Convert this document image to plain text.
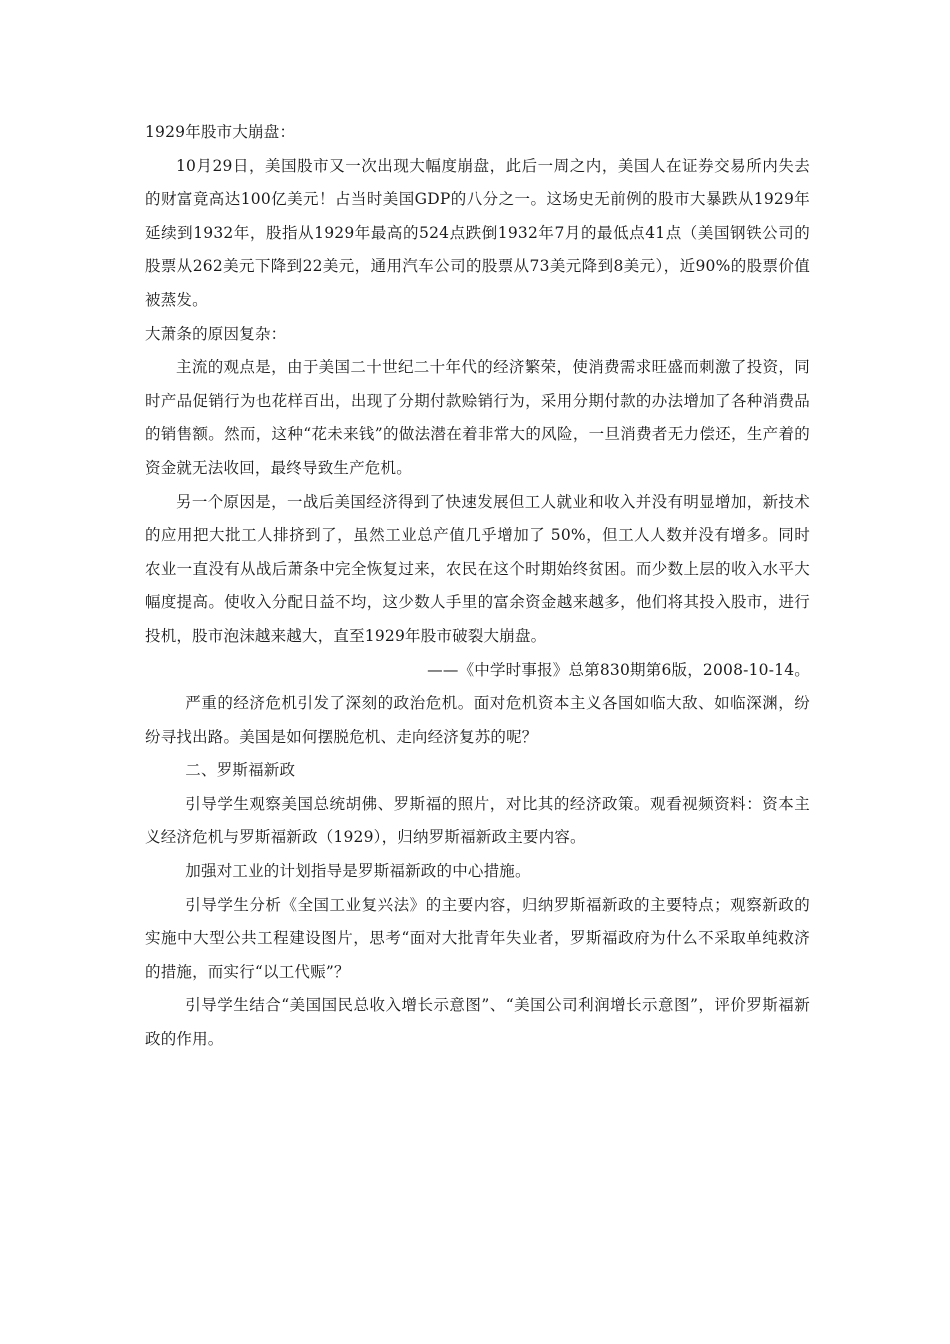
1929年股市大崩盘：

10月29日，美国股市又一次出现大幅度崩盘，此后一周之内，美国人在证券交易所内失去的财富竟高达100亿美元！占当时美国GDP的八分之一。这场史无前例的股市大暴跌从1929年延续到1932年，股指从1929年最高的524点跌倒1932年7月的最低点41点（美国钢铁公司的股票从262美元下降到22美元，通用汽车公司的股票从73美元降到8美元），近90%的股票价值被蒸发。

大萧条的原因复杂：

主流的观点是，由于美国二十世纪二十年代的经济繁荣，使消费需求旺盛而刺激了投资，同时产品促销行为也花样百出，出现了分期付款赊销行为，采用分期付款的办法增加了各种消费品的销售额。然而，这种“花未来钱”的做法潜在着非常大的风险，一旦消费者无力偿还，生产着的资金就无法收回，最终导致生产危机。

另一个原因是，一战后美国经济得到了快速发展但工人就业和收入并没有明显增加，新技术的应用把大批工人排挤到了，虽然工业总产值几乎增加了 50%，但工人人数并没有增多。同时农业一直没有从战后萧条中完全恢复过来，农民在这个时期始终贫困。而少数上层的收入水平大幅度提高。使收入分配日益不均，这少数人手里的富余资金越来越多，他们将其投入股市，进行投机，股市泡沫越来越大，直至1929年股市破裂大崩盘。

——《中学时事报》总第830期第6版，2008-10-14。

严重的经济危机引发了深刻的政治危机。面对危机资本主义各国如临大敌、如临深渊，纷纷寻找出路。美国是如何摆脱危机、走向经济复苏的呢？

二、罗斯福新政

引导学生观察美国总统胡佛、罗斯福的照片，对比其的经济政策。观看视频资料：资本主义经济危机与罗斯福新政（1929），归纳罗斯福新政主要内容。

加强对工业的计划指导是罗斯福新政的中心措施。

引导学生分析《全国工业复兴法》的主要内容，归纳罗斯福新政的主要特点；观察新政的实施中大型公共工程建设图片，思考“面对大批青年失业者，罗斯福政府为什么不采取单纯救济的措施，而实行“以工代赈”？

引导学生结合“美国国民总收入增长示意图”、“美国公司利润增长示意图”，评价罗斯福新政的作用。
